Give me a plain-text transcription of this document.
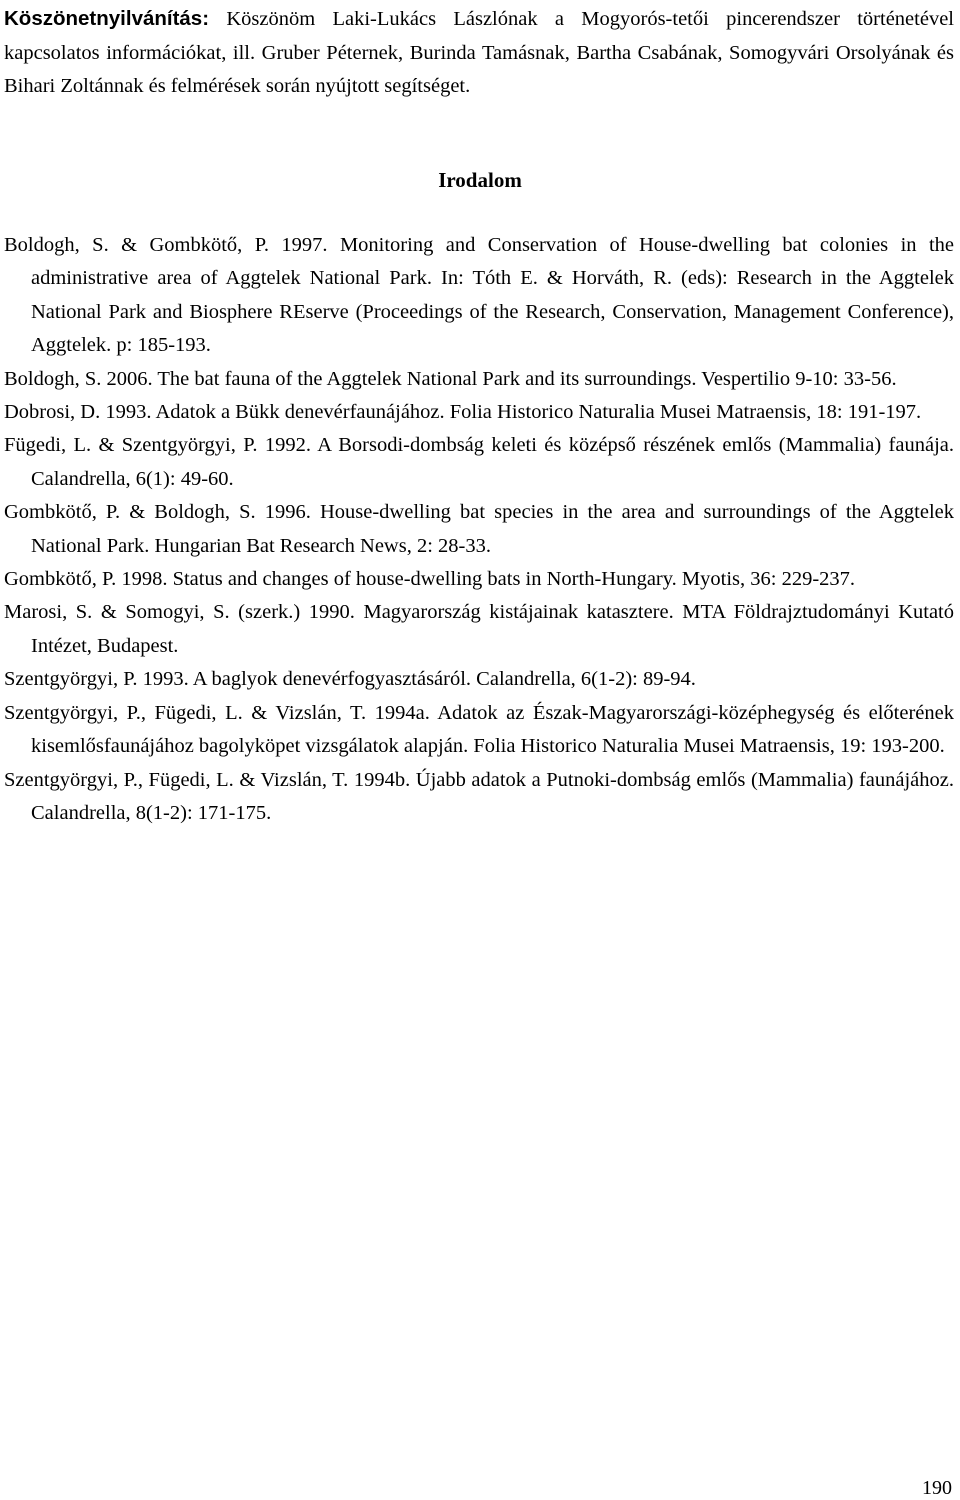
Köszönetnyilvánítás: Köszönöm Laki-Lukács Lászlónak a Mogyorós-tetői pincerendszer történetével kapcsolatos információkat, ill. Gruber Péternek, Burinda Tamásnak, Bartha Csabának, Somogyvári Orsolyának és Bihari Zoltánnak és felmérések során nyújtott segítséget.

Irodalom
Boldogh, S. & Gombkötő, P. 1997. Monitoring and Conservation of House-dwelling bat colonies in the administrative area of Aggtelek National Park. In: Tóth E. & Horváth, R. (eds): Research in the Aggtelek National Park and Biosphere REserve (Proceedings of the Research, Conservation, Management Conference), Aggtelek. p: 185-193.
Boldogh, S. 2006. The bat fauna of the Aggtelek National Park and its surroundings. Vespertilio 9-10: 33-56.
Dobrosi, D. 1993. Adatok a Bükk denevérfaunájához. Folia Historico Naturalia Musei Matraensis, 18: 191-197.
Fügedi, L. & Szentgyörgyi, P. 1992. A Borsodi-dombság keleti és középső részének emlős (Mammalia) faunája. Calandrella, 6(1): 49-60.
Gombkötő, P. & Boldogh, S. 1996. House-dwelling bat species in the area and surroundings of the Aggtelek National Park. Hungarian Bat Research News, 2: 28-33.
Gombkötő, P. 1998. Status and changes of house-dwelling bats in North-Hungary. Myotis, 36: 229-237.
Marosi, S. & Somogyi, S. (szerk.) 1990. Magyarország kistájainak katasztere. MTA Földrajztudományi Kutató Intézet, Budapest.
Szentgyörgyi, P. 1993. A baglyok denevérfogyasztásáról. Calandrella, 6(1-2): 89-94.
Szentgyörgyi, P., Fügedi, L. & Vizslán, T. 1994a. Adatok az Észak-Magyarországi-középhegység és előterének kisemlősfaunájához bagolyköpet vizsgálatok alapján. Folia Historico Naturalia Musei Matraensis, 19: 193-200.
Szentgyörgyi, P., Fügedi, L. & Vizslán, T. 1994b. Újabb adatok a Putnoki-dombság emlős (Mammalia) faunájához. Calandrella, 8(1-2): 171-175.
190
